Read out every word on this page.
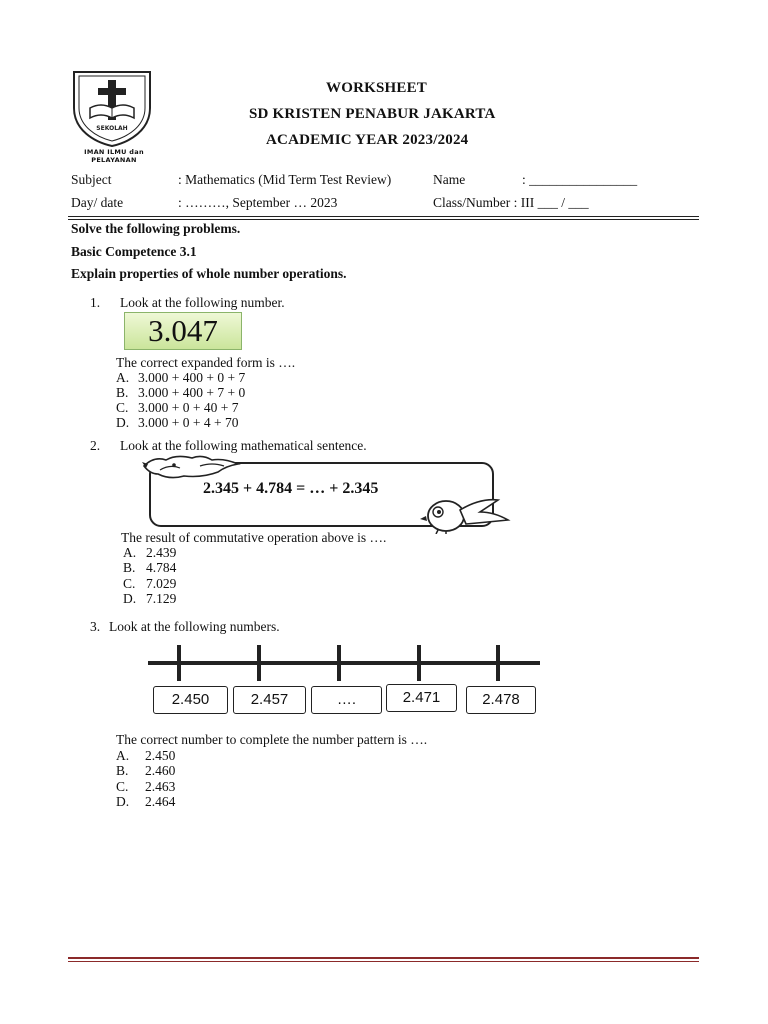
SEKOLAH
IMAN ILMU dan PELAYANAN
WORKSHEET
SD KRISTEN PENABUR JAKARTA
ACADEMIC YEAR 2023/2024
Subject	: Mathematics (Mid Term Test Review)	Name	: ________________
Day/ date	: ………, September … 2023	Class/Number : III ___ / ___
Solve the following problems.
Basic Competence 3.1
Explain properties of whole number operations.
1. Look at the following number.
3.047
The correct expanded form is ….
A. 3.000 + 400 + 0 + 7
B. 3.000 + 400 + 7 + 0
C. 3.000 + 0 + 40 + 7
D. 3.000 + 0 + 4 + 70
2. Look at the following mathematical sentence.
2.345 + 4.784 = … + 2.345
The result of commutative operation above is ….
A. 2.439
B. 4.784
C. 7.029
D. 7.129
3. Look at the following numbers.
2.450	2.457	….	2.471	2.478
The correct number to complete the number pattern is ….
A. 2.450
B. 2.460
C. 2.463
D. 2.464
